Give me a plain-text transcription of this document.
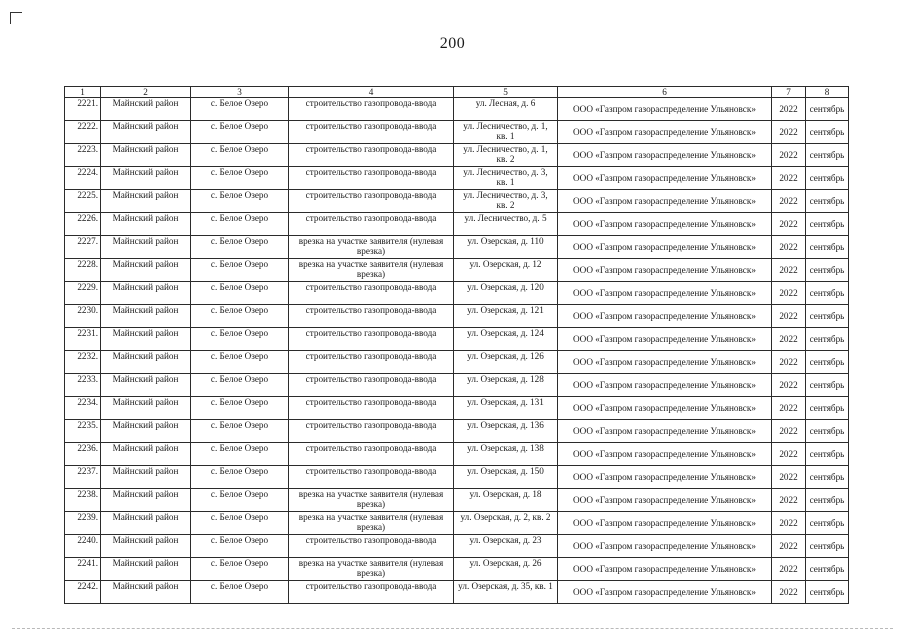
200
1	2	3	4	5	6	7	8
2221.	Майнский район	с. Белое Озеро	строительство газопровода-ввода	ул. Лесная, д. 6	ООО «Газпром газораспределение Ульяновск»	2022	сентябрь
2222.	Майнский район	с. Белое Озеро	строительство газопровода-ввода	ул. Лесничество, д. 1, кв. 1	ООО «Газпром газораспределение Ульяновск»	2022	сентябрь
2223.	Майнский район	с. Белое Озеро	строительство газопровода-ввода	ул. Лесничество, д. 1, кв. 2	ООО «Газпром газораспределение Ульяновск»	2022	сентябрь
2224.	Майнский район	с. Белое Озеро	строительство газопровода-ввода	ул. Лесничество, д. 3, кв. 1	ООО «Газпром газораспределение Ульяновск»	2022	сентябрь
2225.	Майнский район	с. Белое Озеро	строительство газопровода-ввода	ул. Лесничество, д. 3, кв. 2	ООО «Газпром газораспределение Ульяновск»	2022	сентябрь
2226.	Майнский район	с. Белое Озеро	строительство газопровода-ввода	ул. Лесничество, д. 5	ООО «Газпром газораспределение Ульяновск»	2022	сентябрь
2227.	Майнский район	с. Белое Озеро	врезка на участке заявителя (нулевая врезка)	ул. Озерская, д. 110	ООО «Газпром газораспределение Ульяновск»	2022	сентябрь
2228.	Майнский район	с. Белое Озеро	врезка на участке заявителя (нулевая врезка)	ул. Озерская, д. 12	ООО «Газпром газораспределение Ульяновск»	2022	сентябрь
2229.	Майнский район	с. Белое Озеро	строительство газопровода-ввода	ул. Озерская, д. 120	ООО «Газпром газораспределение Ульяновск»	2022	сентябрь
2230.	Майнский район	с. Белое Озеро	строительство газопровода-ввода	ул. Озерская, д. 121	ООО «Газпром газораспределение Ульяновск»	2022	сентябрь
2231.	Майнский район	с. Белое Озеро	строительство газопровода-ввода	ул. Озерская, д. 124	ООО «Газпром газораспределение Ульяновск»	2022	сентябрь
2232.	Майнский район	с. Белое Озеро	строительство газопровода-ввода	ул. Озерская, д. 126	ООО «Газпром газораспределение Ульяновск»	2022	сентябрь
2233.	Майнский район	с. Белое Озеро	строительство газопровода-ввода	ул. Озерская, д. 128	ООО «Газпром газораспределение Ульяновск»	2022	сентябрь
2234.	Майнский район	с. Белое Озеро	строительство газопровода-ввода	ул. Озерская, д. 131	ООО «Газпром газораспределение Ульяновск»	2022	сентябрь
2235.	Майнский район	с. Белое Озеро	строительство газопровода-ввода	ул. Озерская, д. 136	ООО «Газпром газораспределение Ульяновск»	2022	сентябрь
2236.	Майнский район	с. Белое Озеро	строительство газопровода-ввода	ул. Озерская, д. 138	ООО «Газпром газораспределение Ульяновск»	2022	сентябрь
2237.	Майнский район	с. Белое Озеро	строительство газопровода-ввода	ул. Озерская, д. 150	ООО «Газпром газораспределение Ульяновск»	2022	сентябрь
2238.	Майнский район	с. Белое Озеро	врезка на участке заявителя (нулевая врезка)	ул. Озерская, д. 18	ООО «Газпром газораспределение Ульяновск»	2022	сентябрь
2239.	Майнский район	с. Белое Озеро	врезка на участке заявителя (нулевая врезка)	ул. Озерская, д. 2, кв. 2	ООО «Газпром газораспределение Ульяновск»	2022	сентябрь
2240.	Майнский район	с. Белое Озеро	строительство газопровода-ввода	ул. Озерская, д. 23	ООО «Газпром газораспределение Ульяновск»	2022	сентябрь
2241.	Майнский район	с. Белое Озеро	врезка на участке заявителя (нулевая врезка)	ул. Озерская, д. 26	ООО «Газпром газораспределение Ульяновск»	2022	сентябрь
2242.	Майнский район	с. Белое Озеро	строительство газопровода-ввода	ул. Озерская, д. 35, кв. 1	ООО «Газпром газораспределение Ульяновск»	2022	сентябрь
